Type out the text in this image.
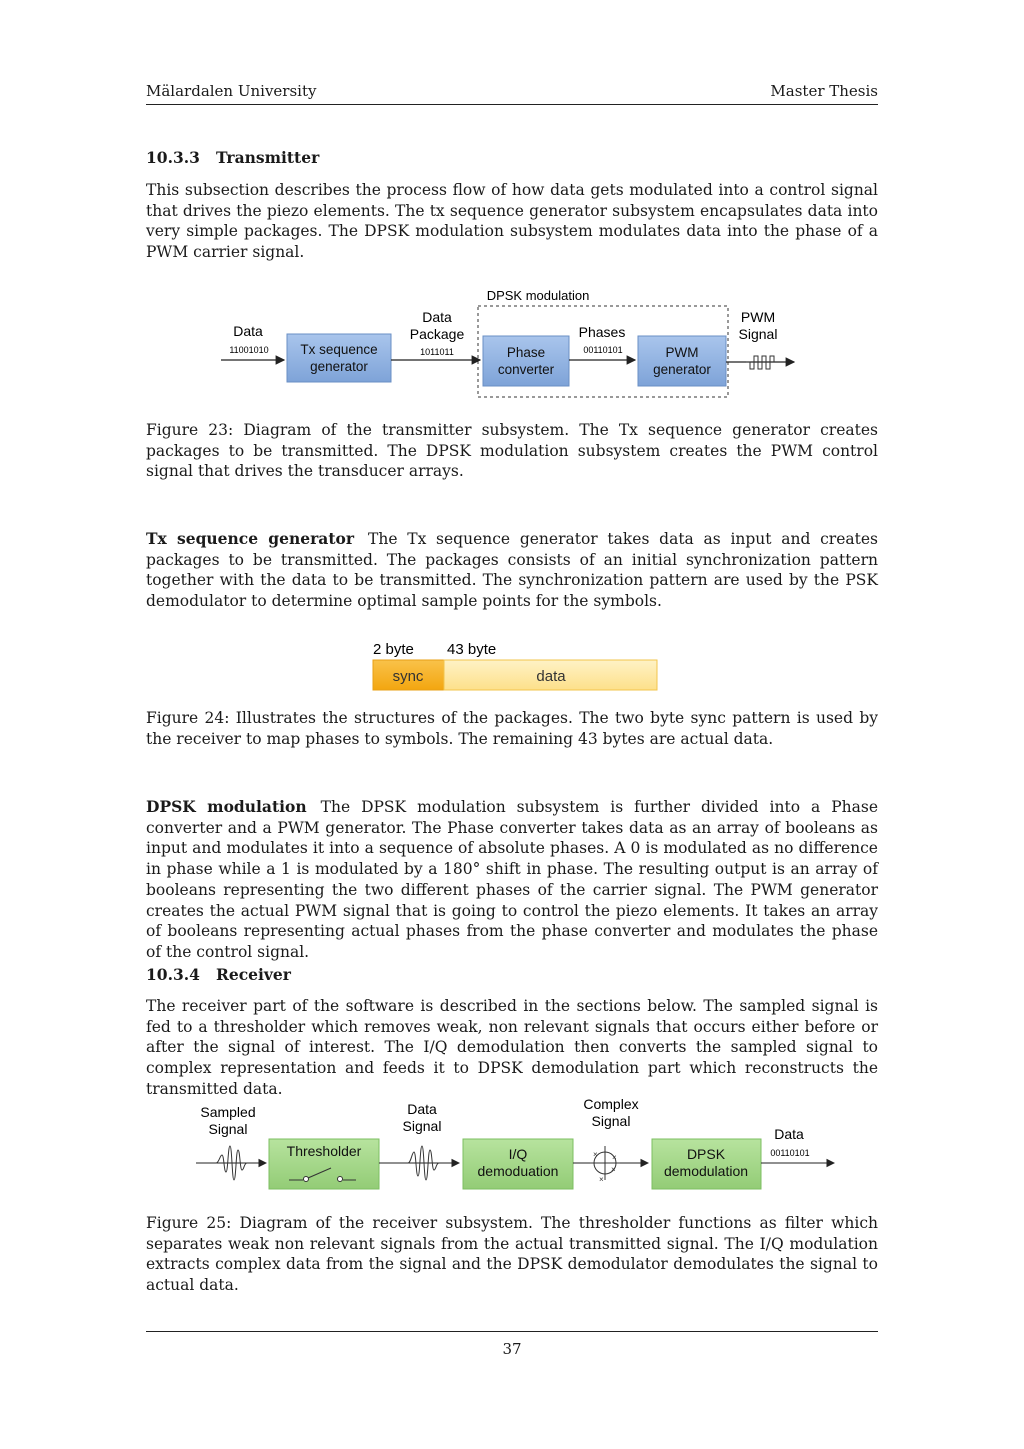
Mälardalen University	Master Thesis
10.3.3 Transmitter

This subsection describes the process flow of how data gets modulated into a control signal that drives the piezo elements. The tx sequence generator subsystem encapsulates data into very simple packages. The DPSK modulation subsystem modulates data into the phase of a PWM carrier signal.

DPSK modulation
Data
11001010 Tx sequence
generator
Data
Package
1011011	Phase
converter
Phases
00110101	PWM
generator
PWM
Signal

Figure 23: Diagram of the transmitter subsystem. The Tx sequence generator creates packages to be transmitted. The DPSK modulation subsystem creates the PWM control signal that drives the transducer arrays.

Tx sequence generator The Tx sequence generator takes data as input and creates packages to be transmitted. The packages consists of an initial synchronization pattern together with the data to be transmitted. The synchronization pattern are used by the PSK demodulator to determine optimal sample points for the symbols.

2 byte 43 byte
sync	data

Figure 24: Illustrates the structures of the packages. The two byte sync pattern is used by the receiver to map phases to symbols. The remaining 43 bytes are actual data.

DPSK modulation The DPSK modulation subsystem is further divided into a Phase converter and a PWM generator. The Phase converter takes data as an array of booleans as input and modulates it into a sequence of absolute phases. A 0 is modulated as no difference in phase while a 1 is modulated by a 180° shift in phase. The resulting output is an array of booleans representing the two different phases of the carrier signal. The PWM generator creates the actual PWM signal that is going to control the piezo elements. It takes an array of booleans representing actual phases from the phase converter and modulates the phase of the control signal.

10.3.4 Receiver

The receiver part of the software is described in the sections below. The sampled signal is fed to a thresholder which removes weak, non relevant signals that occurs either before or after the signal of interest. The I/Q demodulation then converts the sampled signal to complex representation and feeds it to DPSK demodulation part which reconstructs the transmitted data.

Sampled
Signal
Thresholder
Data
Signal
I/Q
demoduation
Complex
Signal
× ×
×
×
DPSK
demodulation
Data
00110101

Figure 25: Diagram of the receiver subsystem. The thresholder functions as filter which separates weak non relevant signals from the actual transmitted signal. The I/Q modulation extracts complex data from the signal and the DPSK demodulator demodulates the signal to actual data.

37
